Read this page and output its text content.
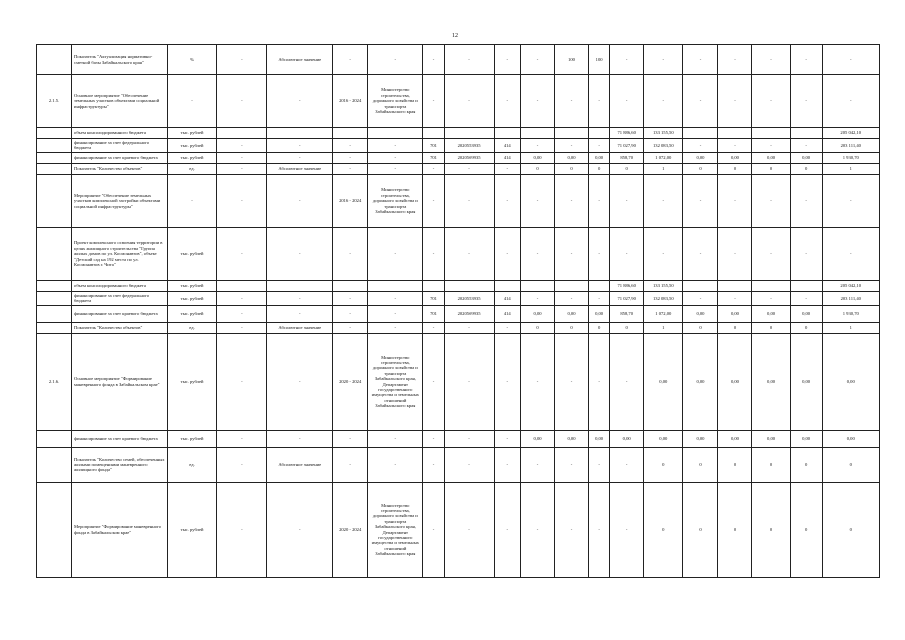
12
	Показатель "Актуализация нормативно-сметной базы Забайкальского края"	%	-	Абсолютное значение	-	-	-	-	-	-	100	100	-	-	-	-	-	-	-
2.1.5.	Основное мероприятие "Обеспечение земельных участков объектами социальной инфраструктуры"	-	-	-	2016 - 2024	Министерство строительства, дорожного хозяйства и транспорта Забайкальского края	-	-	-	-	-	-	-	-	-	-	-	-	-
	объем консолидированного бюджета	тыс. рублей											71 886,60	133 155,50					205 042,10
	финансирование за счет федерального бюджета	тыс. рублей	-	-	-	-	701	2020553935	414	-	-	-	71 027,90	132 083,50	-	-	-	-	203 111,40
	финансирование за счет краевого бюджета	тыс. рублей	-	-	-	-	701	20205б9935	414	0,00	0,00	0,00	858,70	1 072,00	0,00	0,00	0,00	0,00	1 930,70
	Показатель "Количество объектов"	ед.	-	Абсолютное значение	-	-	-	-	-	0	0	0	0	1	0	0	0	0	1
	Мероприятие "Обеспечение земельных участков комплексной застройки объектами социальной инфраструктуры"	-	-	-	2016 - 2024	Министерство строительства, дорожного хозяйства и транспорта Забайкальского края	-	-	-	-	-	-	-	-	-	-	-	-	-
	Проект комплексного освоения территории в целях жилищного строительства "Группа жилых домов по ул. Космонавтов", объект "Детский сад на 192 места по ул. Космонавтов г. Чита"	тыс. рублей	-	-	-	-	-	-	-	-	-	-	-	-	-	-	-	-	-
	объем консолидированного бюджета	тыс. рублей											71 886,60	133 155,50					205 042,10
	финансирование за счет федерального бюджета	тыс. рублей	-	-	-	-	701	2020553935	414	-	-	-	71 027,90	132 083,50	-	-	-	-	203 111,40
	финансирование за счет краевого бюджета	тыс. рублей	-	-	-	-	701	20205б9935	414	0,00	0,00	0,00	858,70	1 072,00	0,00	0,00	0,00	0,00	1 930,70
	Показатель "Количество объектов"	ед.	-	Абсолютное значение	-	-	-	-	-	0	0	0	0	1	0	0	0	0	1
2.1.6.	Основное мероприятие "Формирование маневренного фонда в Забайкальском крае"	тыс. рублей	-	-	2020 - 2024	Министерство строительства, дорожного хозяйства и транспорта Забайкальского края, Департамент государственного имущества и земельных отношений Забайкальского края	-	-	-	-	-	-	-	0,00	0,00	0,00	0,00	0,00	0,00
	финансирование за счет краевого бюджета	тыс. рублей	-	-	-	-	-	-	-	0,00	0,00	0,00	0,00	0,00	0,00	0,00	0,00	0,00	0,00
	Показатель "Количество семей, обеспеченных жилыми помещениями маневренного жилищного фонда"	ед.	-	Абсолютное значение	-	-	-	-	-	-	-	-	-	0	0	0	0	0	0
	Мероприятие "Формирование маневренного фонда в Забайкальском крае"	тыс. рублей	-	-	2020 - 2024	Министерство строительства, дорожного хозяйства и транспорта Забайкальского края, Департамент государственного имущества и земельных отношений Забайкальского края	-	-	-	-	-	-	-	0	0	0	0	0	0
